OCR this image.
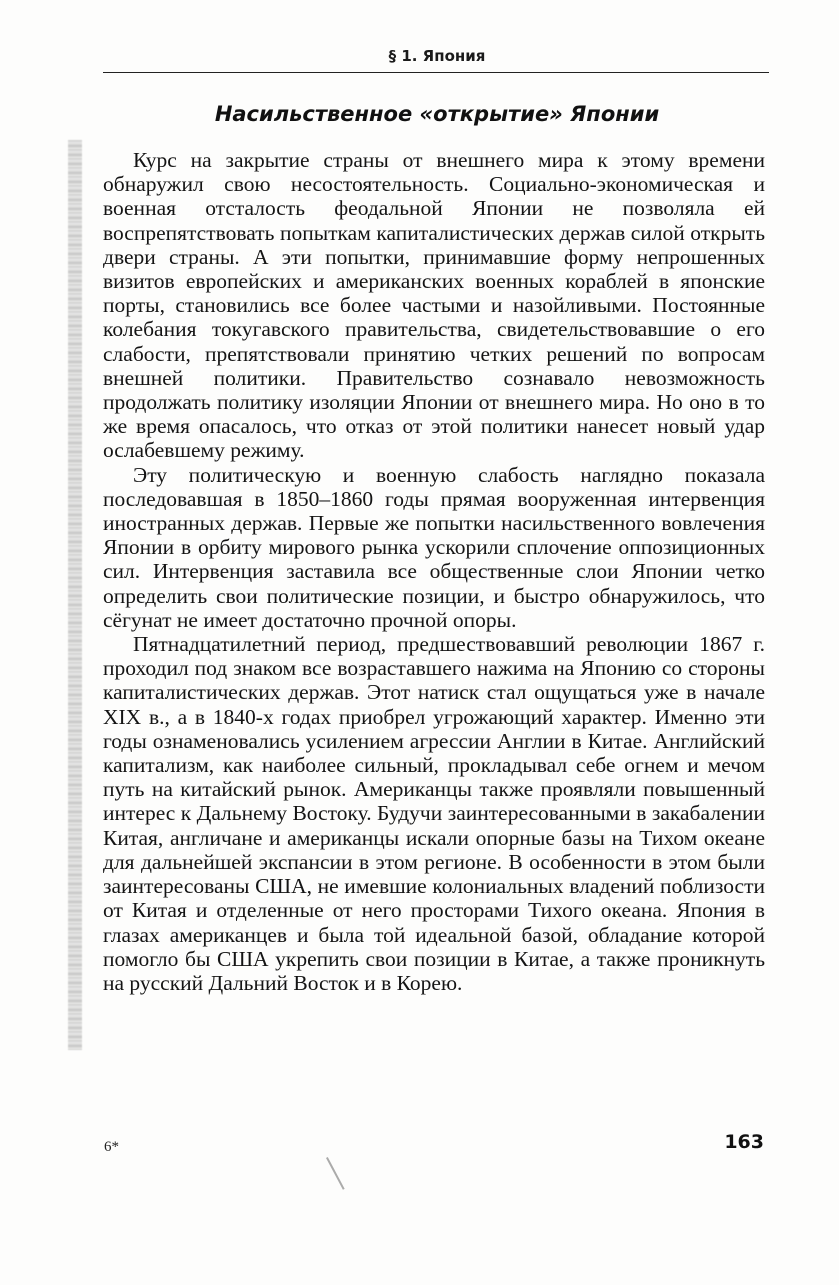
§ 1. Япония
Насильственное «открытие» Японии

Курс на закрытие страны от внешнего мира к этому времени обнаружил свою несостоятельность. Социально-экономическая и военная отсталость феодальной Японии не позволяла ей воспрепятствовать попыткам капиталистических держав силой открыть двери страны. А эти попытки, принимавшие форму непрошенных визитов европейских и американских военных кораблей в японские порты, становились все более частыми и назойливыми. Постоянные колебания токугавского правительства, свидетельствовавшие о его слабости, препятствовали принятию четких решений по вопросам внешней политики. Правительство сознавало невозможность продолжать политику изоляции Японии от внешнего мира. Но оно в то же время опасалось, что отказ от этой политики нанесет новый удар ослабевшему режиму.

Эту политическую и военную слабость наглядно показала последовавшая в 1850–1860 годы прямая вооруженная интервенция иностранных держав. Первые же попытки насильственного вовлечения Японии в орбиту мирового рынка ускорили сплочение оппозиционных сил. Интервенция заставила все общественные слои Японии четко определить свои политические позиции, и быстро обнаружилось, что сёгунат не имеет достаточно прочной опоры.

Пятнадцатилетний период, предшествовавший революции 1867 г. проходил под знаком все возраставшего нажима на Японию со стороны капиталистических держав. Этот натиск стал ощущаться уже в начале XIX в., а в 1840-х годах приобрел угрожающий характер. Именно эти годы ознаменовались усилением агрессии Англии в Китае. Английский капитализм, как наиболее сильный, прокладывал себе огнем и мечом путь на китайский рынок. Американцы также проявляли повышенный интерес к Дальнему Востоку. Будучи заинтересованными в закабалении Китая, англичане и американцы искали опорные базы на Тихом океане для дальнейшей экспансии в этом регионе. В особенности в этом были заинтересованы США, не имевшие колониальных владений поблизости от Китая и отделенные от него просторами Тихого океана. Япония в глазах американцев и была той идеальной базой, обладание которой помогло бы США укрепить свои позиции в Китае, а также проникнуть на русский Дальний Восток и в Корею.

6*	163
